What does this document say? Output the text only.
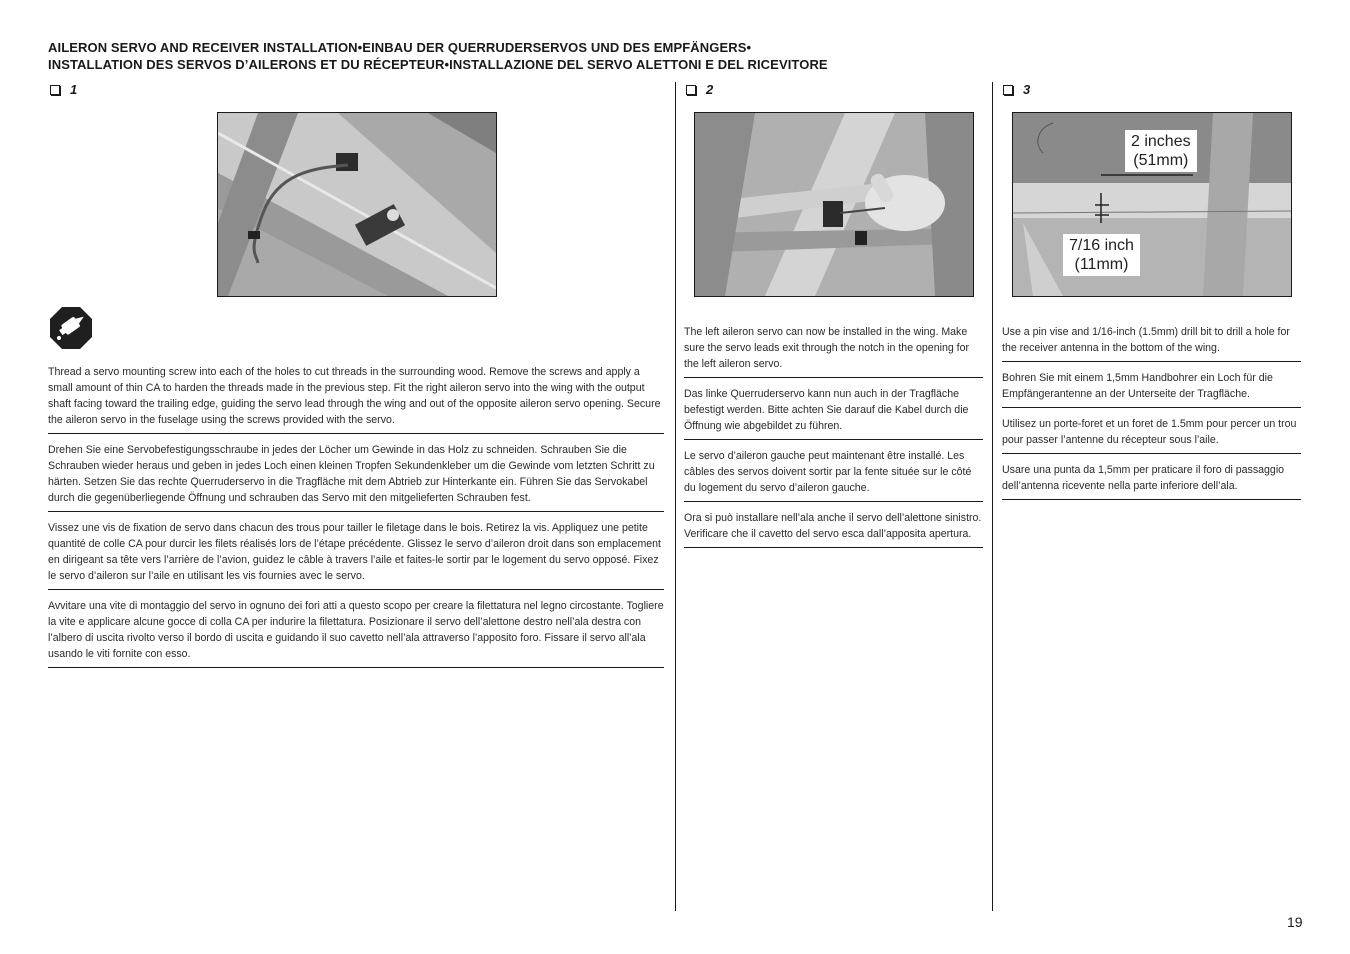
AILERON SERVO AND RECEIVER INSTALLATION•EINBAU DER QUERRUDERSERVOS UND DES EMPFÄNGERS•
INSTALLATION DES SERVOS D’AILERONS ET DU RÉCEPTEUR•INSTALLAZIONE DEL SERVO ALETTONI E DEL RICEVITORE
1

Thread a servo mounting screw into each of the holes to cut threads in the surrounding wood. Remove the screws and apply a small amount of thin CA to harden the threads made in the previous step. Fit the right aileron servo into the wing with the output shaft facing toward the trailing edge, guiding the servo lead through the wing and out of the opposite aileron servo opening. Secure the aileron servo in the fuselage using the screws provided with the servo.

Drehen Sie eine Servobefestigungsschraube in jedes der Löcher um Gewinde in das Holz zu schneiden. Schrauben Sie die Schrauben wieder heraus und geben in jedes Loch einen kleinen Tropfen Sekundenkleber um die Gewinde vom letzten Schritt zu härten. Setzen Sie das rechte Querruderservo in die Tragfläche mit dem Abtrieb zur Hinterkante ein. Führen Sie das Servokabel durch die gegenüberliegende Öffnung und schrauben das Servo mit den mitgelieferten Schrauben fest.

Vissez une vis de fixation de servo dans chacun des trous pour tailler le filetage dans le bois. Retirez la vis. Appliquez une petite quantité de colle CA pour durcir les filets réalisés lors de l’étape précédente. Glissez le servo d’aileron droit dans son emplacement en dirigeant sa tête vers l’arrière de l’avion, guidez le câble à travers l’aile et faites-le sortir par le logement du servo opposé. Fixez le servo d’aileron sur l’aile en utilisant les vis fournies avec le servo.

Avvitare una vite di montaggio del servo in ognuno dei fori atti a questo scopo per creare la filettatura nel legno circostante. Togliere la vite e applicare alcune gocce di colla CA per indurire la filettatura. Posizionare il servo dell’alettone destro nell’ala destra con l’albero di uscita rivolto verso il bordo di uscita e guidando il suo cavetto nell’ala attraverso l’apposito foro. Fissare il servo all’ala usando le viti fornite con esso.

2

The left aileron servo can now be installed in the wing. Make sure the servo leads exit through the notch in the opening for the left aileron servo.

Das linke Querruderservo kann nun auch in der Tragfläche befestigt werden. Bitte achten Sie darauf die Kabel durch die Öffnung wie abgebildet zu führen.

Le servo d’aileron gauche peut maintenant être installé. Les câbles des servos doivent sortir par la fente située sur le côté du logement du servo d’aileron gauche.

Ora si può installare nell’ala anche il servo dell’alettone sinistro. Verificare che il cavetto del servo esca dall’apposita apertura.

3
2 inches
(51mm)
7/16 inch
(11mm)

Use a pin vise and 1/16-inch (1.5mm) drill bit to drill a hole for the receiver antenna in the bottom of the wing.

Bohren Sie mit einem 1,5mm Handbohrer ein Loch für die Empfängerantenne an der Unterseite der Tragfläche.

Utilisez un porte-foret et un foret de 1.5mm pour percer un trou pour passer l’antenne du récepteur sous l’aile.

Usare una punta da 1,5mm per praticare il foro di passaggio dell’antenna ricevente nella parte inferiore dell’ala.

19
